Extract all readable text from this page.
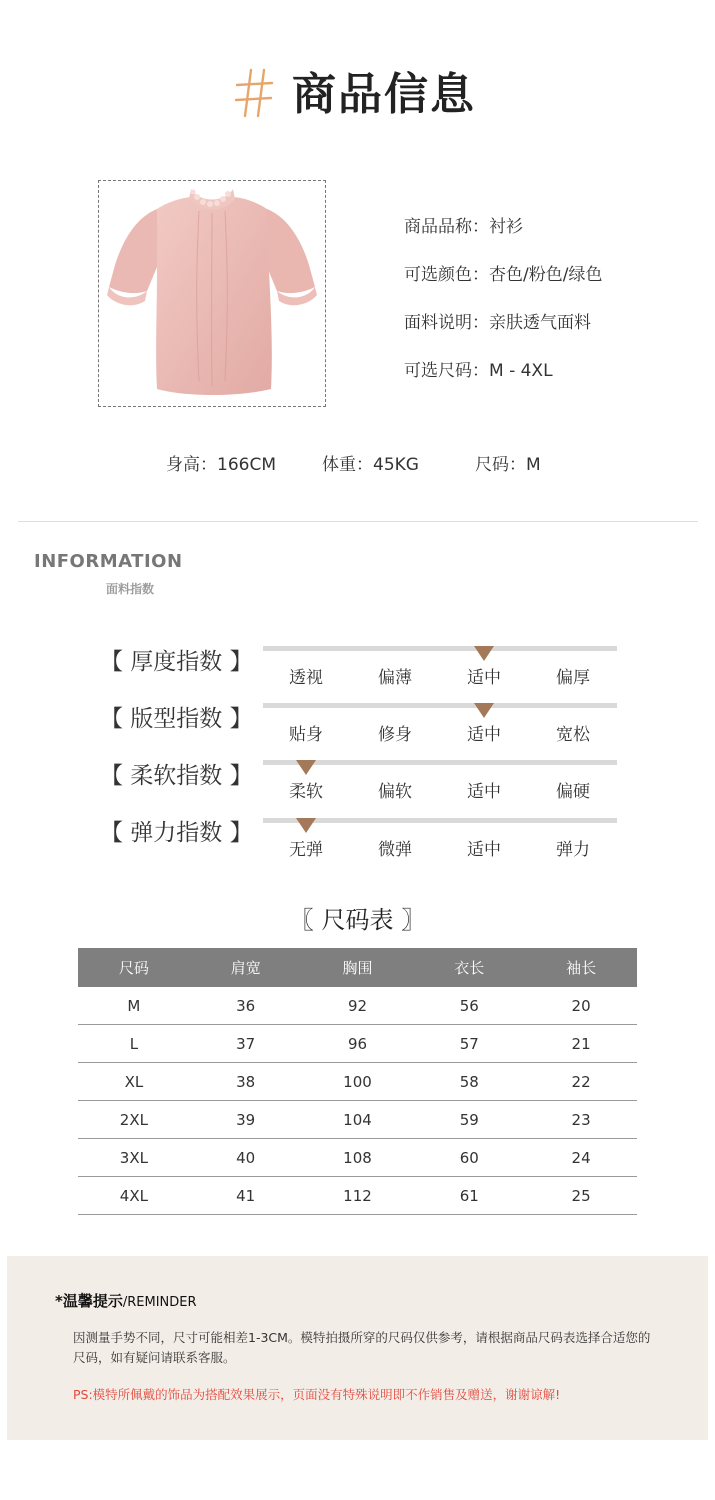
商品信息
商品品称：衬衫
可选颜色：杏色/粉色/绿色
面料说明：亲肤透气面料
可选尺码：M - 4XL
身高：166CM	体重：45KG	尺码：M
INFORMATION
面料指数
【 厚度指数 】
透视	偏薄	适中	偏厚
【 版型指数 】
贴身	修身	适中	宽松
【 柔软指数 】
柔软	偏软	适中	偏硬
【 弹力指数 】
无弹	微弹	适中	弹力
〖 尺码表 〗
尺码	肩宽	胸围	衣长	袖长
M	36	92	56	20
L	37	96	57	21
XL	38	100	58	22
2XL	39	104	59	23
3XL	40	108	60	24
4XL	41	112	61	25
*温馨提示/REMINDER
因测量手势不同，尺寸可能相差1-3CM。模特拍摄所穿的尺码仅供参考，请根据商品尺码表选择合适您的尺码，如有疑问请联系客服。
PS:模特所佩戴的饰品为搭配效果展示，页面没有特殊说明即不作销售及赠送，谢谢谅解!
